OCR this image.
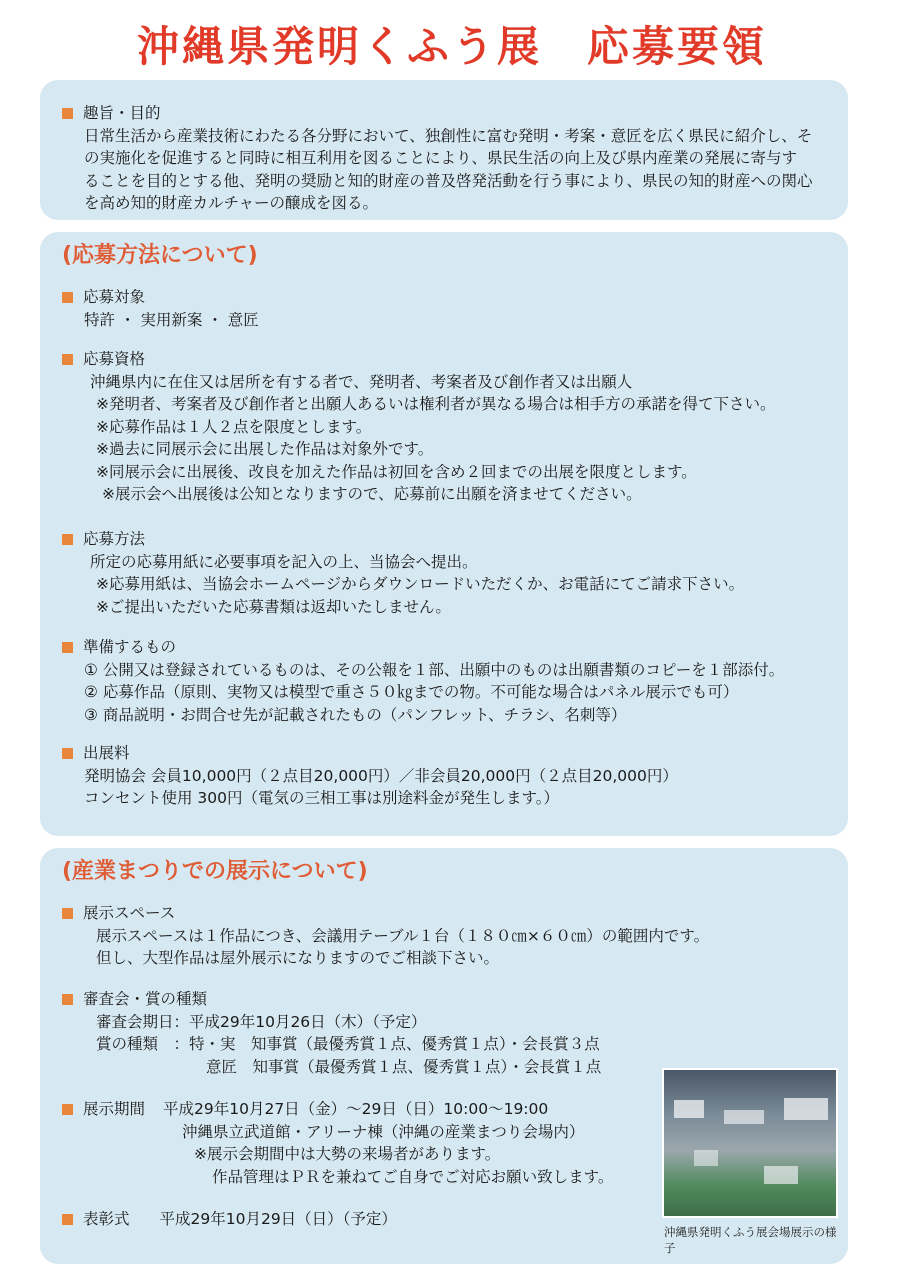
沖縄県発明くふう展　応募要領
趣旨・目的
日常生活から産業技術にわたる各分野において、独創性に富む発明・考案・意匠を広く県民に紹介し、そ
の実施化を促進すると同時に相互利用を図ることにより、県民生活の向上及び県内産業の発展に寄与す
ることを目的とする他、発明の奨励と知的財産の普及啓発活動を行う事により、県民の知的財産への関心
を高め知的財産カルチャーの醸成を図る。
(応募方法について)
応募対象
特許 ・ 実用新案 ・ 意匠
応募資格
沖縄県内に在住又は居所を有する者で、発明者、考案者及び創作者又は出願人
※発明者、考案者及び創作者と出願人あるいは権利者が異なる場合は相手方の承諾を得て下さい。
※応募作品は１人２点を限度とします。
※過去に同展示会に出展した作品は対象外です。
※同展示会に出展後、改良を加えた作品は初回を含め２回までの出展を限度とします。
※展示会へ出展後は公知となりますので、応募前に出願を済ませてください。
応募方法
所定の応募用紙に必要事項を記入の上、当協会へ提出。
※応募用紙は、当協会ホームページからダウンロードいただくか、お電話にてご請求下さい。
※ご提出いただいた応募書類は返却いたしません。
準備するもの
① 公開又は登録されているものは、その公報を１部、出願中のものは出願書類のコピーを１部添付。
② 応募作品（原則、実物又は模型で重さ５０㎏までの物。不可能な場合はパネル展示でも可）
③ 商品説明・お問合せ先が記載されたもの（パンフレット、チラシ、名刺等）
出展料
発明協会 会員10,000円（２点目20,000円）／非会員20,000円（２点目20,000円）
コンセント使用 300円（電気の三相工事は別途料金が発生します。）
(産業まつりでの展示について)
展示スペース
展示スペースは１作品につき、会議用テーブル１台（１８０㎝×６０㎝）の範囲内です。
但し、大型作品は屋外展示になりますのでご相談下さい。
審査会・賞の種類
審査会期日：平成29年10月26日（木）（予定）
賞の種類　：特・実　知事賞（最優秀賞１点、優秀賞１点）・会長賞３点
意匠　知事賞（最優秀賞１点、優秀賞１点）・会長賞１点
展示期間 平成29年10月27日（金）～29日（日）10:00～19:00
沖縄県立武道館・アリーナ棟（沖縄の産業まつり会場内）
※展示会期間中は大勢の来場者があります。
作品管理はＰＲを兼ねてご自身でご対応お願い致します。
表彰式 平成29年10月29日（日）（予定）
沖縄県発明くふう展会場展示の様子
